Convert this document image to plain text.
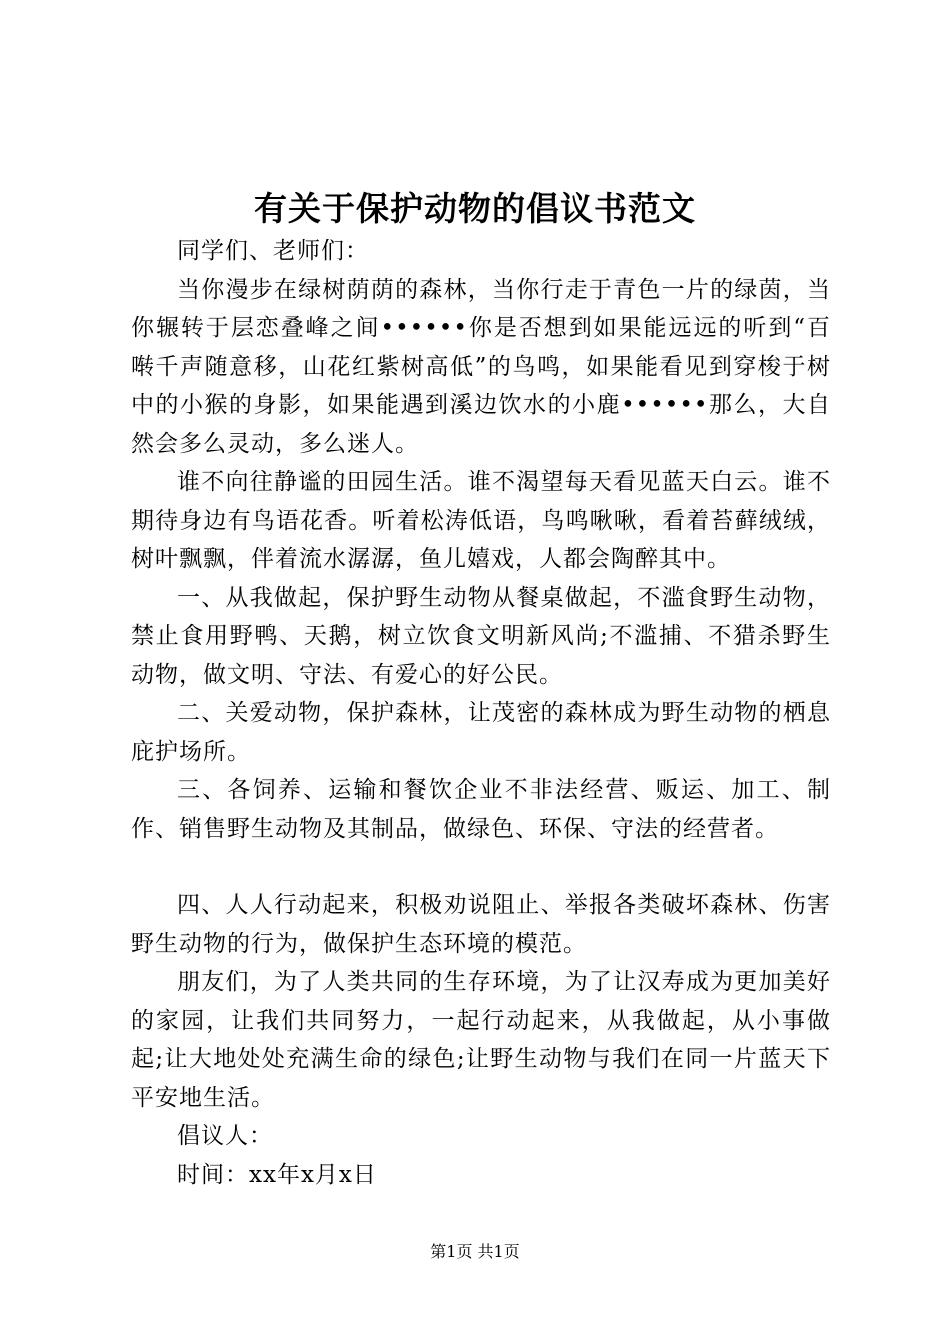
有关于保护动物的倡议书范文

同学们、老师们：

当你漫步在绿树荫荫的森林，当你行走于青色一片的绿茵，当你辗转于层恋叠峰之间••••••你是否想到如果能远远的听到“百啭千声随意移，山花红紫树高低”的鸟鸣，如果能看见到穿梭于树中的小猴的身影，如果能遇到溪边饮水的小鹿••••••那么，大自然会多么灵动，多么迷人。

谁不向往静谧的田园生活。谁不渴望每天看见蓝天白云。谁不期待身边有鸟语花香。听着松涛低语，鸟鸣啾啾，看着苔藓绒绒，树叶飘飘，伴着流水潺潺，鱼儿嬉戏，人都会陶醉其中。

一、从我做起，保护野生动物从餐桌做起，不滥食野生动物，禁止食用野鸭、天鹅，树立饮食文明新风尚;不滥捕、不猎杀野生动物，做文明、守法、有爱心的好公民。

二、关爱动物，保护森林，让茂密的森林成为野生动物的栖息庇护场所。

三、各饲养、运输和餐饮企业不非法经营、贩运、加工、制作、销售野生动物及其制品，做绿色、环保、守法的经营者。

四、人人行动起来，积极劝说阻止、举报各类破坏森林、伤害野生动物的行为，做保护生态环境的模范。

朋友们，为了人类共同的生存环境，为了让汉寿成为更加美好的家园，让我们共同努力，一起行动起来，从我做起，从小事做起;让大地处处充满生命的绿色;让野生动物与我们在同一片蓝天下平安地生活。

倡议人：

时间：xx年x月x日

第1页 共1页
